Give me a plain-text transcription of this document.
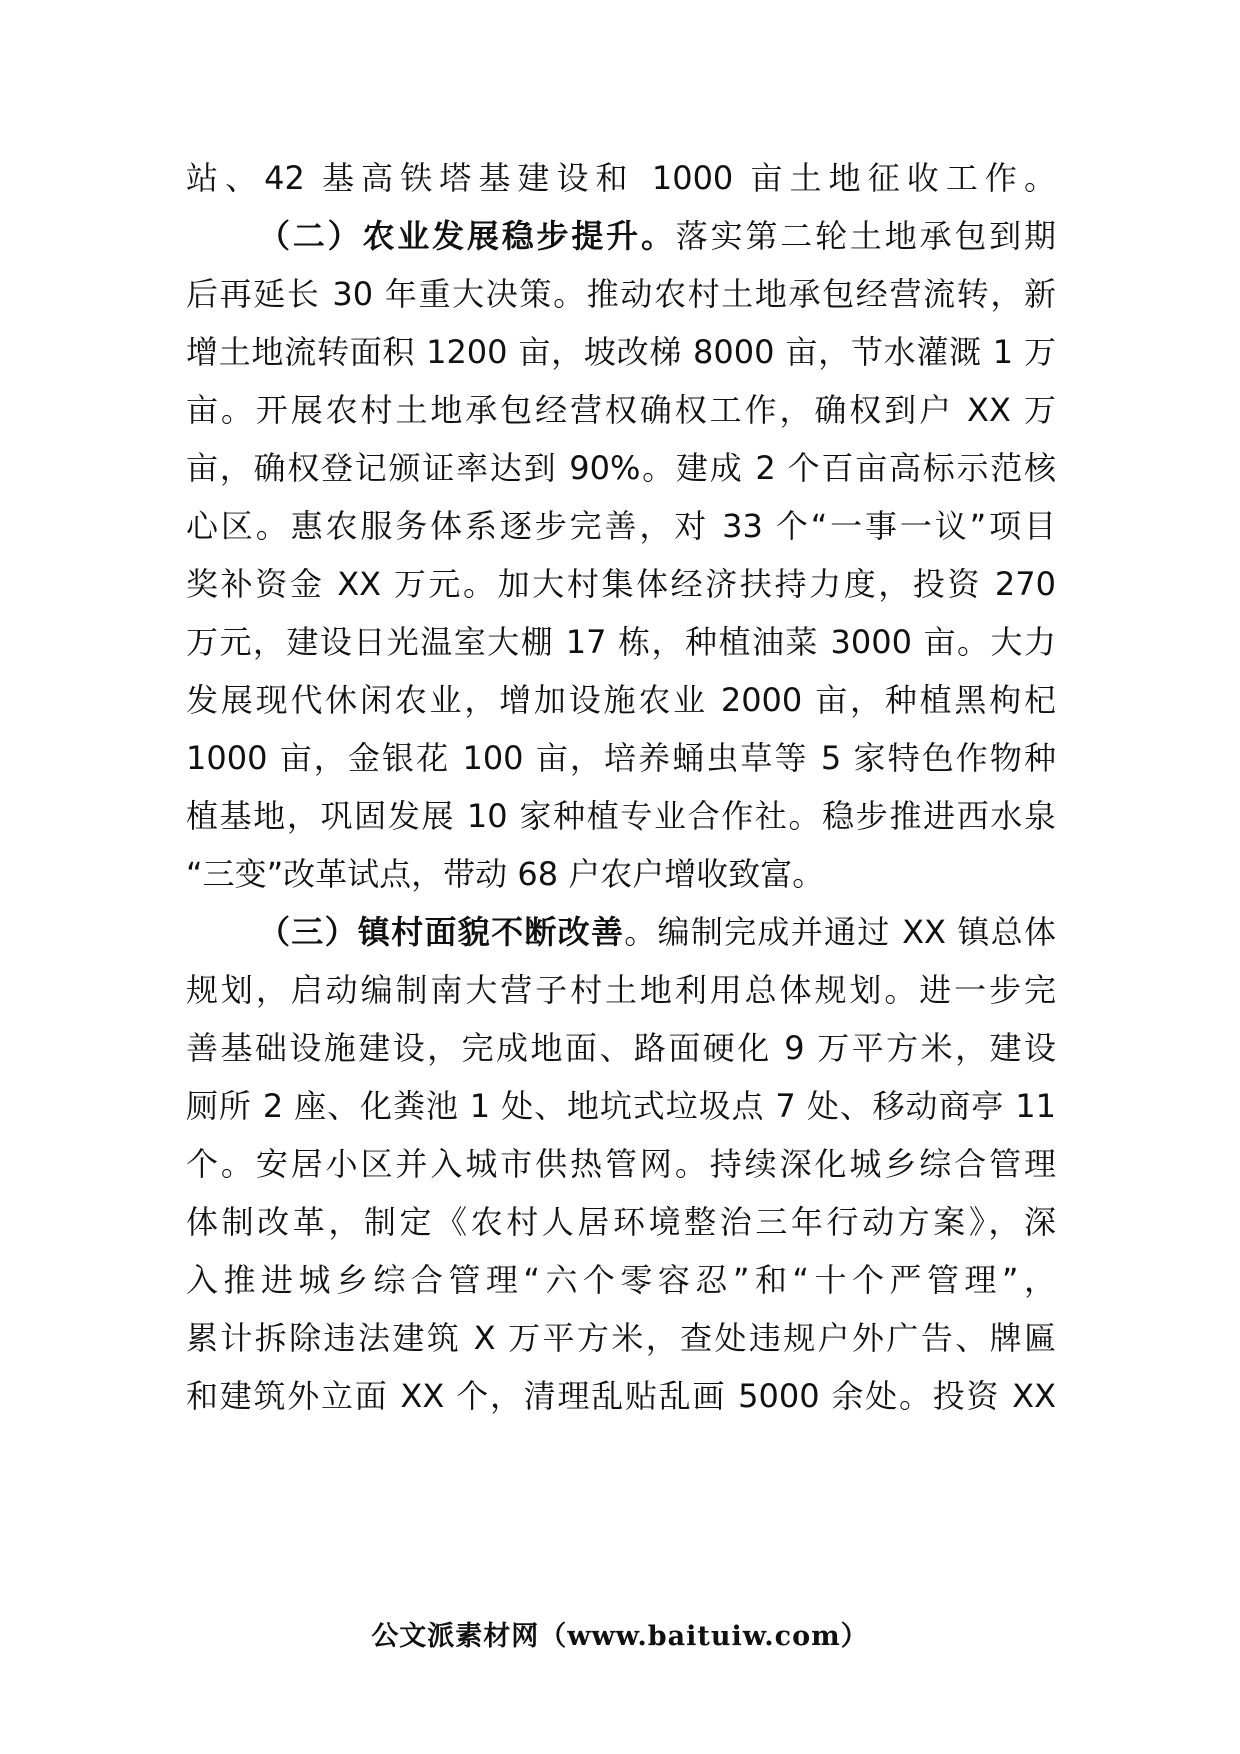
站、42 基高铁塔基建设和 1000 亩土地征收工作。
（二）农业发展稳步提升。落实第二轮土地承包到期
后再延长 30 年重大决策。推动农村土地承包经营流转，新
增土地流转面积 1200 亩，坡改梯 8000 亩，节水灌溉 1 万
亩。开展农村土地承包经营权确权工作，确权到户 XX 万
亩，确权登记颁证率达到 90%。建成 2 个百亩高标示范核
心区。惠农服务体系逐步完善，对 33 个“一事一议”项目
奖补资金 XX 万元。加大村集体经济扶持力度，投资 270
万元，建设日光温室大棚 17 栋，种植油菜 3000 亩。大力
发展现代休闲农业，增加设施农业 2000 亩，种植黑枸杞
1000 亩，金银花 100 亩，培养蛹虫草等 5 家特色作物种
植基地，巩固发展 10 家种植专业合作社。稳步推进西水泉
“三变”改革试点，带动 68 户农户增收致富。
（三）镇村面貌不断改善。编制完成并通过 XX 镇总体
规划，启动编制南大营子村土地利用总体规划。进一步完
善基础设施建设，完成地面、路面硬化 9 万平方米，建设
厕所 2 座、化粪池 1 处、地坑式垃圾点 7 处、移动商亭 11
个。安居小区并入城市供热管网。持续深化城乡综合管理
体制改革，制定《农村人居环境整治三年行动方案》，深
入推进城乡综合管理“六个零容忍”和“十个严管理”，
累计拆除违法建筑 X 万平方米，查处违规户外广告、牌匾
和建筑外立面 XX 个，清理乱贴乱画 5000 余处。投资 XX
公文派素材网（www.baituiw.com）
